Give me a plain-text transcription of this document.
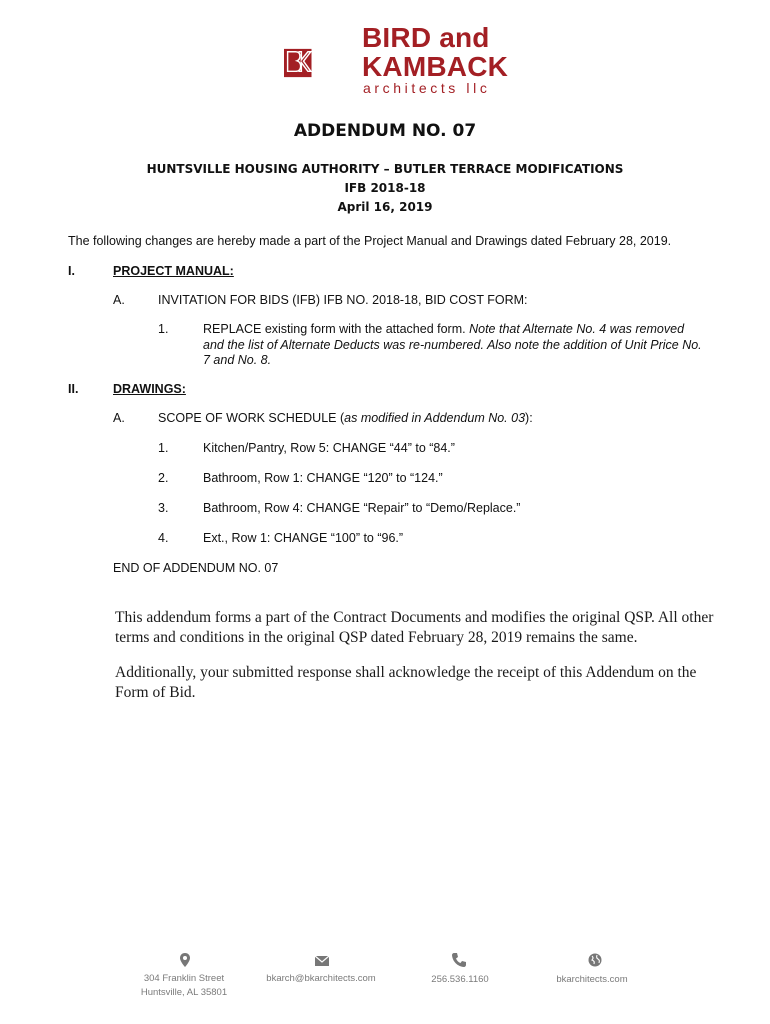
BIRD and
KAMBACK
architects llc
ADDENDUM NO. 07
HUNTSVILLE HOUSING AUTHORITY – BUTLER TERRACE MODIFICATIONS
IFB 2018-18
April 16, 2019
The following changes are hereby made a part of the Project Manual and Drawings dated February 28, 2019.
I.	PROJECT MANUAL:
A.	INVITATION FOR BIDS (IFB) IFB NO. 2018-18, BID COST FORM:
1.	REPLACE existing form with the attached form. Note that Alternate No. 4 was removed and the list of Alternate Deducts was re-numbered. Also note the addition of Unit Price No. 7 and No. 8.
II.	DRAWINGS:
A.	SCOPE OF WORK SCHEDULE (as modified in Addendum No. 03):
1.	Kitchen/Pantry, Row 5: CHANGE “44” to “84.”
2.	Bathroom, Row 1: CHANGE “120” to “124.”
3.	Bathroom, Row 4: CHANGE “Repair” to “Demo/Replace.”
4.	Ext., Row 1: CHANGE “100” to “96.”
END OF ADDENDUM NO. 07
This addendum forms a part of the Contract Documents and modifies the original QSP. All other terms and conditions in the original QSP dated February 28, 2019 remains the same.
Additionally, your submitted response shall acknowledge the receipt of this Addendum on the Form of Bid.
304 Franklin Street
Huntsville, AL 35801
bkarch@bkarchitects.com	256.536.1160	bkarchitects.com
